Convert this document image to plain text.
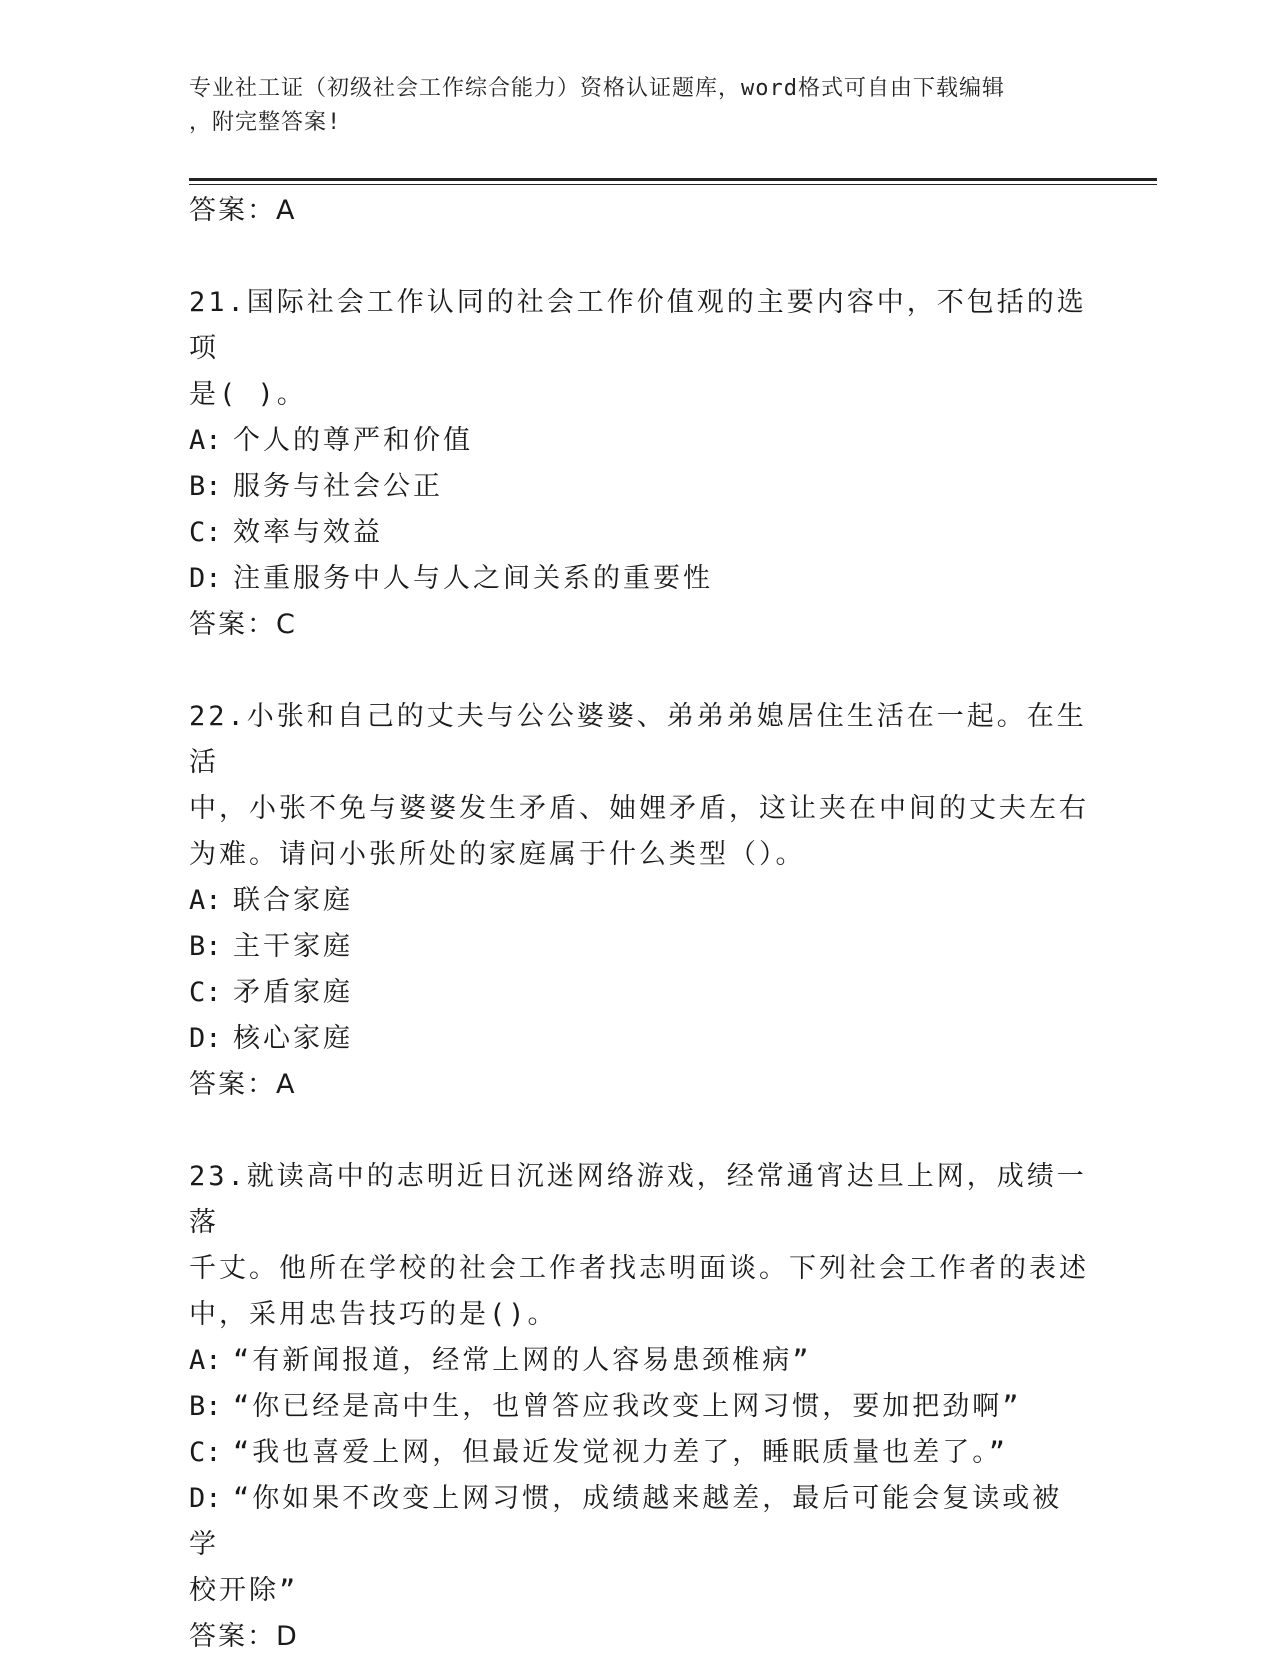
专业社工证（初级社会工作综合能力）资格认证题库，word格式可自由下载编辑
，附完整答案!

答案：A

21.国际社会工作认同的社会工作价值观的主要内容中，不包括的选项

是( )。

A: 个人的尊严和价值

B: 服务与社会公正

C: 效率与效益

D: 注重服务中人与人之间关系的重要性

答案：C

22.小张和自己的丈夫与公公婆婆、弟弟弟媳居住生活在一起。在生活

中，小张不免与婆婆发生矛盾、妯娌矛盾，这让夹在中间的丈夫左右

为难。请问小张所处的家庭属于什么类型（）。

A: 联合家庭

B: 主干家庭

C: 矛盾家庭

D: 核心家庭

答案：A

23.就读高中的志明近日沉迷网络游戏，经常通宵达旦上网，成绩一落

千丈。他所在学校的社会工作者找志明面谈。下列社会工作者的表述

中，采用忠告技巧的是()。

A: “有新闻报道，经常上网的人容易患颈椎病”

B: “你已经是高中生，也曾答应我改变上网习惯，要加把劲啊”

C: “我也喜爱上网，但最近发觉视力差了，睡眠质量也差了。”

D: “你如果不改变上网习惯，成绩越来越差，最后可能会复读或被学

校开除”

答案：D
